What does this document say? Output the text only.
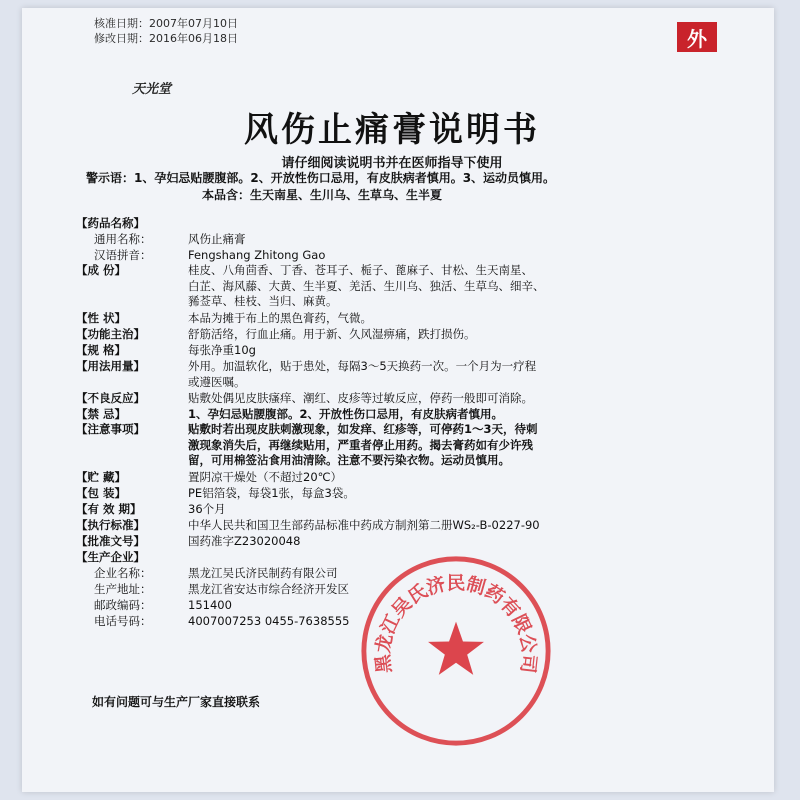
核准日期：2007年07月10日
修改日期：2016年06月18日	外
天光堂
风伤止痛膏说明书
请仔细阅读说明书并在医师指导下使用
警示语：1、孕妇忌贴腰腹部。2、开放性伤口忌用，有皮肤病者慎用。3、运动员慎用。
本品含：生天南星、生川乌、生草乌、生半夏
【药品名称】
通用名称：	风伤止痛膏
汉语拼音：	Fengshang Zhitong Gao
【成 份】	桂皮、八角茴香、丁香、苍耳子、栀子、蓖麻子、甘松、生天南星、
白芷、海风藤、大黄、生半夏、羌活、生川乌、独活、生草乌、细辛、
豨莶草、桂枝、当归、麻黄。
【性 状】	本品为摊于布上的黑色膏药，气微。
【功能主治】	舒筋活络，行血止痛。用于新、久风湿痹痛，跌打损伤。
【规 格】	每张净重10g
【用法用量】	外用。加温软化，贴于患处，每隔3～5天换药一次。一个月为一疗程
或遵医嘱。
【不良反应】	贴敷处偶见皮肤瘙痒、潮红、皮疹等过敏反应，停药一般即可消除。
【禁 忌】	1、孕妇忌贴腰腹部。2、开放性伤口忌用，有皮肤病者慎用。
【注意事项】	贴敷时若出现皮肤刺激现象，如发痒、红疹等，可停药1～3天，待刺
激现象消失后，再继续贴用，严重者停止用药。揭去膏药如有少许残
留，可用棉签沾食用油清除。注意不要污染衣物。运动员慎用。
【贮 藏】	置阴凉干燥处（不超过20℃）
【包 装】	PE铝箔袋，每袋1张，每盒3袋。
【有 效 期】	36个月
【执行标准】	中华人民共和国卫生部药品标准中药成方制剂第二册WS₂-B-0227-90
【批准文号】	国药准字Z23020048
【生产企业】
企业名称：	黑龙江吴氏济民制药有限公司
生产地址：	黑龙江省安达市综合经济开发区
邮政编码：	151400
电话号码：	4007007253 0455-7638555
如有问题可与生产厂家直接联系
黑龙江吴氏济民制药有限公司
